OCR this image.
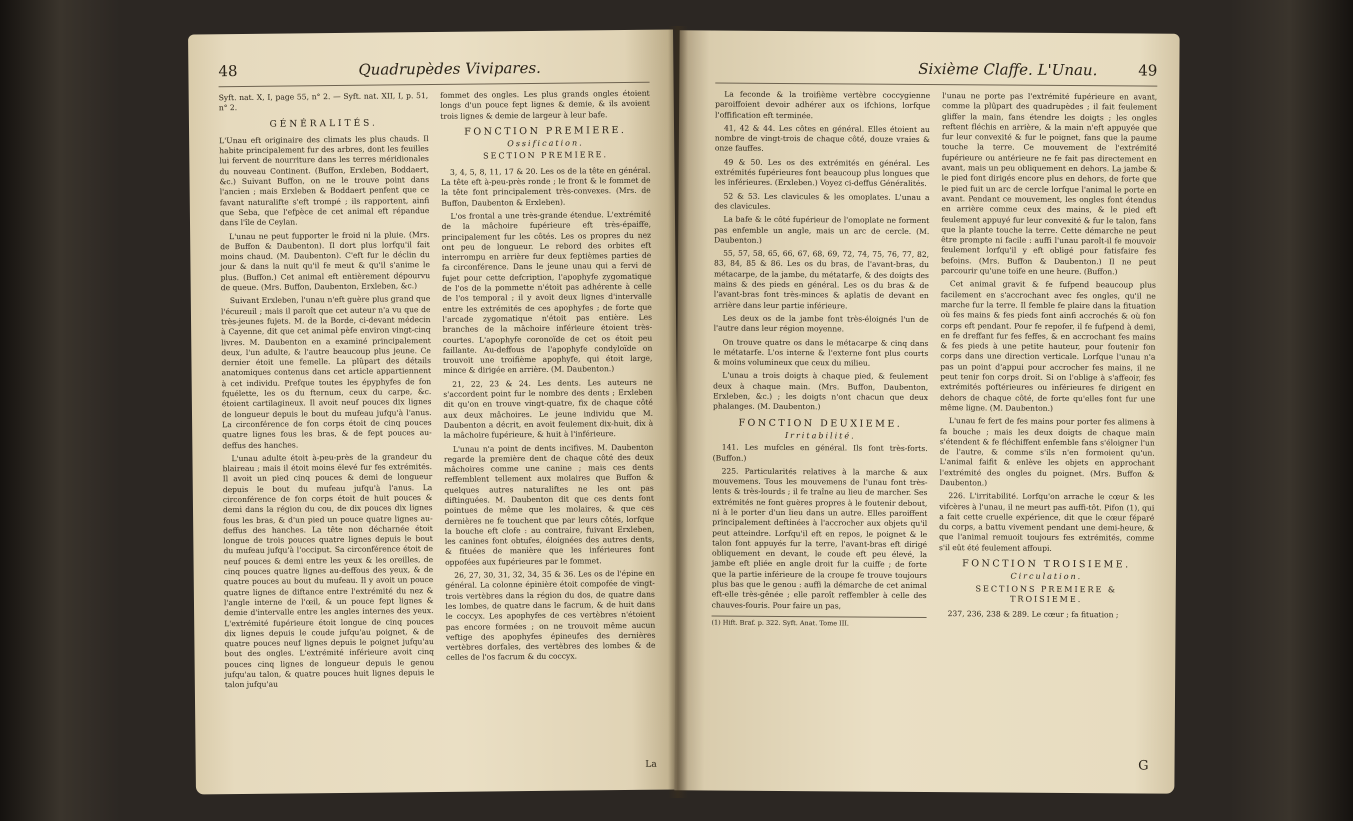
48	Quadrupèdes Vivipares.

Syft. nat. X, I, page 55, n° 2. — Syft. nat. XII, I, p. 51, n° 2.

GÉNÉRALITÉS.

L'Unau eft originaire des climats les plus chauds. Il habite principalement fur des arbres, dont les feuilles lui fervent de nourriture dans les terres méridionales du nouveau Continent. (Buffon, Erxleben, Boddaert, &c.) Suivant Buffon, on ne le trouve point dans l'ancien ; mais Erxleben & Boddaert penfent que ce favant naturalifte s'eft trompé ; ils rapportent, ainfi que Seba, que l'efpèce de cet animal eft répandue dans l'île de Ceylan.

L'unau ne peut fupporter le froid ni la pluie. (Mrs. de Buffon & Daubenton). Il dort plus lorfqu'il fait moins chaud. (M. Daubenton). C'eft fur le déclin du jour & dans la nuit qu'il fe meut & qu'il s'anime le plus. (Buffon.) Cet animal eft entièrement dépourvu de queue. (Mrs. Buffon, Daubenton, Erxleben, &c.)

Suivant Erxleben, l'unau n'eft guère plus grand que l'écureuil ; mais il paroît que cet auteur n'a vu que de très-jeunes fujets. M. de la Borde, ci-devant médecin à Cayenne, dit que cet animal pèfe environ vingt-cinq livres. M. Daubenton en a examiné principalement deux, l'un adulte, & l'autre beaucoup plus jeune. Ce dernier étoit une femelle. La plûpart des détails anatomiques contenus dans cet article appartiennent à cet individu. Prefque toutes les épyphyfes de fon fquélette, les os du fternum, ceux du carpe, &c. étoient cartilagineux. Il avoit neuf pouces dix lignes de longueur depuis le bout du mufeau jufqu'à l'anus. La circonférence de fon corps étoit de cinq pouces quatre lignes fous les bras, & de fept pouces au-deffus des hanches.

L'unau adulte étoit à-peu-près de la grandeur du blaireau ; mais il étoit moins élevé fur fes extrémités. Il avoit un pied cinq pouces & demi de longueur depuis le bout du mufeau jufqu'à l'anus. La circonférence de fon corps étoit de huit pouces & demi dans la région du cou, de dix pouces dix lignes fous les bras, & d'un pied un pouce quatre lignes au-deffus des hanches. La tête non décharnée étoit longue de trois pouces quatre lignes depuis le bout du mufeau jufqu'à l'occiput. Sa circonférence étoit de neuf pouces & demi entre les yeux & les oreilles, de cinq pouces quatre lignes au-deffous des yeux, & de quatre pouces au bout du mufeau. Il y avoit un pouce quatre lignes de diftance entre l'extrémité du nez & l'angle interne de l'œil, & un pouce fept lignes & demie d'intervalle entre les angles internes des yeux. L'extrémité fupérieure étoit longue de cinq pouces dix lignes depuis le coude jufqu'au poignet, & de quatre pouces neuf lignes depuis le poignet jufqu'au bout des ongles. L'extrémité inférieure avoit cinq pouces cinq lignes de longueur depuis le genou jufqu'au talon, & quatre pouces huit lignes depuis le talon jufqu'au

fommet des ongles. Les plus grands ongles étoient longs d'un pouce fept lignes & demie, & ils avoient trois lignes & demie de largeur à leur bafe.

FONCTION PREMIERE.
Ossification.
SECTION PREMIERE.

3, 4, 5, 8, 11, 17 & 20. Les os de la tête en général. La tête eft à-peu-près ronde ; le front & le fommet de la tête font principalement très-convexes. (Mrs. de Buffon, Daubenton & Erxleben).

L'os frontal a une très-grande étendue. L'extrémité de la mâchoire fupérieure eft très-épaiffe, principalement fur les côtés. Les os propres du nez ont peu de longueur. Le rebord des orbites eft interrompu en arrière fur deux feptièmes parties de fa circonférence. Dans le jeune unau qui a fervi de fujet pour cette defcription, l'apophyfe zygomatique de l'os de la pommette n'étoit pas adhérente à celle de l'os temporal ; il y avoit deux lignes d'intervalle entre les extrémités de ces apophyfes ; de forte que l'arcade zygomatique n'étoit pas entière. Les branches de la mâchoire inférieure étoient très-courtes. L'apophyfe coronoïde de cet os étoit peu faillante. Au-deffous de l'apophyfe condyloïde on trouvoit une troifième apophyfe, qui étoit large, mince & dirigée en arrière. (M. Daubenton.)

21, 22, 23 & 24. Les dents. Les auteurs ne s'accordent point fur le nombre des dents ; Erxleben dit qu'on en trouve vingt-quatre, fix de chaque côté aux deux mâchoires. Le jeune individu que M. Daubenton a décrit, en avoit feulement dix-huit, dix à la mâchoire fupérieure, & huit à l'inférieure.

L'unau n'a point de dents incifives. M. Daubenton regarde la première dent de chaque côté des deux mâchoires comme une canine ; mais ces dents reffemblent tellement aux molaires que Buffon & quelques autres naturaliftes ne les ont pas diftinguées. M. Daubenton dit que ces dents font pointues de même que les molaires, & que ces dernières ne fe touchent que par leurs côtés, lorfque la bouche eft clofe : au contraire, fuivant Erxleben, les canines font obtufes, éloignées des autres dents, & fituées de manière que les inférieures font oppofées aux fupérieures par le fommet.

26, 27, 30, 31, 32, 34, 35 & 36. Les os de l'épine en général. La colonne épinière étoit compofée de vingt-trois vertèbres dans la région du dos, de quatre dans les lombes, de quatre dans le facrum, & de huit dans le coccyx. Les apophyfes de ces vertèbres n'étoient pas encore formées ; on ne trouvoit même aucun veftige des apophyfes épineufes des dernières vertèbres dorfales, des vertèbres des lombes & de celles de l'os facrum & du coccyx.

La
Sixième Claffe. L'Unau.	49

La feconde & la troifième vertèbre coccygienne paroiffoient devoir adhérer aux os ifchions, lorfque l'offification eft terminée.

41, 42 & 44. Les côtes en général. Elles étoient au nombre de vingt-trois de chaque côté, douze vraies & onze fauffes.

49 & 50. Les os des extrémités en général. Les extrémités fupérieures font beaucoup plus longues que les inférieures. (Erxleben.) Voyez ci-deffus Généralités.

52 & 53. Les clavicules & les omoplates. L'unau a des clavicules.

La bafe & le côté fupérieur de l'omoplate ne forment pas enfemble un angle, mais un arc de cercle. (M. Daubenton.)

55, 57, 58, 65, 66, 67, 68, 69, 72, 74, 75, 76, 77, 82, 83, 84, 85 & 86. Les os du bras, de l'avant-bras, du métacarpe, de la jambe, du métatarfe, & des doigts des mains & des pieds en général. Les os du bras & de l'avant-bras font très-minces & aplatis de devant en arrière dans leur partie inférieure.

Les deux os de la jambe font très-éloignés l'un de l'autre dans leur région moyenne.

On trouve quatre os dans le métacarpe & cinq dans le métatarfe. L'os interne & l'externe font plus courts & moins volumineux que ceux du milieu.

L'unau a trois doigts à chaque pied, & feulement deux à chaque main. (Mrs. Buffon, Daubenton, Erxleben, &c.) ; les doigts n'ont chacun que deux phalanges. (M. Daubenton.)

FONCTION DEUXIEME.
Irritabilité.

141. Les mufcles en général. Ils font très-forts. (Buffon.)

225. Particularités relatives à la marche & aux mouvemens. Tous les mouvemens de l'unau font très-lents & très-lourds ; il fe traîne au lieu de marcher. Ses extrémités ne font guères propres à le foutenir debout, ni à le porter d'un lieu dans un autre. Elles paroiffent principalement deftinées à l'accrocher aux objets qu'il peut atteindre. Lorfqu'il eft en repos, le poignet & le talon font appuyés fur la terre, l'avant-bras eft dirigé obliquement en devant, le coude eft peu élevé, la jambe eft pliée en angle droit fur la cuiffe ; de forte que la partie inférieure de la croupe fe trouve toujours plus bas que le genou : auffi la démarche de cet animal eft-elle très-gênée ; elle paroît reffembler à celle des chauves-fouris. Pour faire un pas,

(1) Hift. Braf. p. 322. Syft. Anat. Tome III.

l'unau ne porte pas l'extrémité fupérieure en avant, comme la plûpart des quadrupèdes ; il fait feulement gliffer la main, fans étendre les doigts ; les ongles reftent fléchis en arrière, & la main n'eft appuyée que fur leur convexité & fur le poignet, fans que la paume touche la terre. Ce mouvement de l'extrémité fupérieure ou antérieure ne fe fait pas directement en avant, mais un peu obliquement en dehors. La jambe & le pied font dirigés encore plus en dehors, de forte que le pied fuit un arc de cercle lorfque l'animal le porte en avant. Pendant ce mouvement, les ongles font étendus en arrière comme ceux des mains, & le pied eft feulement appuyé fur leur convexité & fur le talon, fans que la plante touche la terre. Cette démarche ne peut être prompte ni facile : auffi l'unau paroît-il fe mouvoir feulement lorfqu'il y eft obligé pour fatisfaire fes befoins. (Mrs. Buffon & Daubenton.) Il ne peut parcourir qu'une toife en une heure. (Buffon.)

Cet animal gravit & fe fufpend beaucoup plus facilement en s'accrochant avec fes ongles, qu'il ne marche fur la terre. Il femble fe plaire dans la fituation où fes mains & fes pieds font ainfi accrochés & où fon corps eft pendant. Pour fe repofer, il fe fufpend à demi, en fe dreffant fur fes feffes, & en accrochant fes mains & fes pieds à une petite hauteur, pour foutenir fon corps dans une direction verticale. Lorfque l'unau n'a pas un point d'appui pour accrocher fes mains, il ne peut tenir fon corps droit. Si on l'oblige à s'affeoir, fes extrémités poftérieures ou inférieures fe dirigent en dehors de chaque côté, de forte qu'elles font fur une même ligne. (M. Daubenton.)

L'unau fe fert de fes mains pour porter fes alimens à fa bouche ; mais les deux doigts de chaque main s'étendent & fe fléchiffent enfemble fans s'éloigner l'un de l'autre, & comme s'ils n'en formoient qu'un. L'animal faifit & enlève les objets en approchant l'extrémité des ongles du poignet. (Mrs. Buffon & Daubenton.)

226. L'irritabilité. Lorfqu'on arrache le cœur & les vifcères à l'unau, il ne meurt pas auffi-tôt. Pifon (1), qui a fait cette cruelle expérience, dit que le cœur féparé du corps, a battu vivement pendant une demi-heure, & que l'animal remuoit toujours fes extrémités, comme s'il eût été feulement affoupi.

FONCTION TROISIEME.
Circulation.
SECTIONS PREMIERE & TROISIEME.

237, 236, 238 & 289. Le cœur ; fa fituation ;

G
